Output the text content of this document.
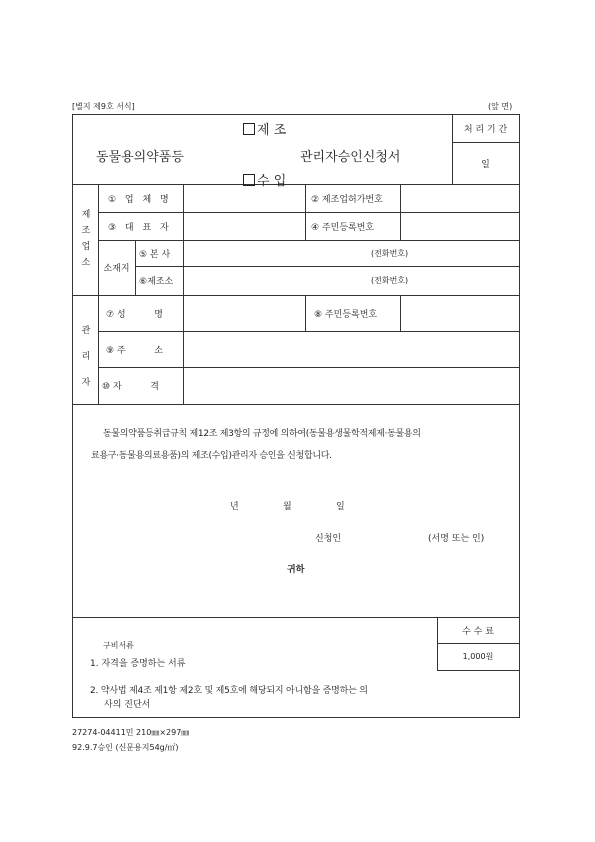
[별지 제9호 서식]	(앞 면)
제 조
동물용의약품등	관리자승인신청서
수 입
처 리 기 간
일
제
조
업
소
① 업 체 명	② 제조업허가번호
③ 대 표 자	④ 주민등록번호
소재지
⑤ 본 사	(전화번호)
⑥제조소	(전화번호)
관
리
자
⑦ 성          명	⑧ 주민등록번호
⑨ 주          소
⑩ 자          격
동물의약품등취급규칙 제12조 제3항의 규정에 의하여(동물용생물학적제제·동물용의
료용구·동물용의료용품)의 제조(수입)관리자 승인을 신청합니다.
년	월	일
신청인	(서명 또는 인)
귀하
구비서류
1. 자격을 증명하는 서류
2. 약사법 제4조 제1항 제2호 및 제5호에 해당되지 아니함을 증명하는 의
사의 진단서
수 수 료
1,000원
27274-04411민 210㎜×297㎜
92.9.7승인 (신문용지54g/㎡)
